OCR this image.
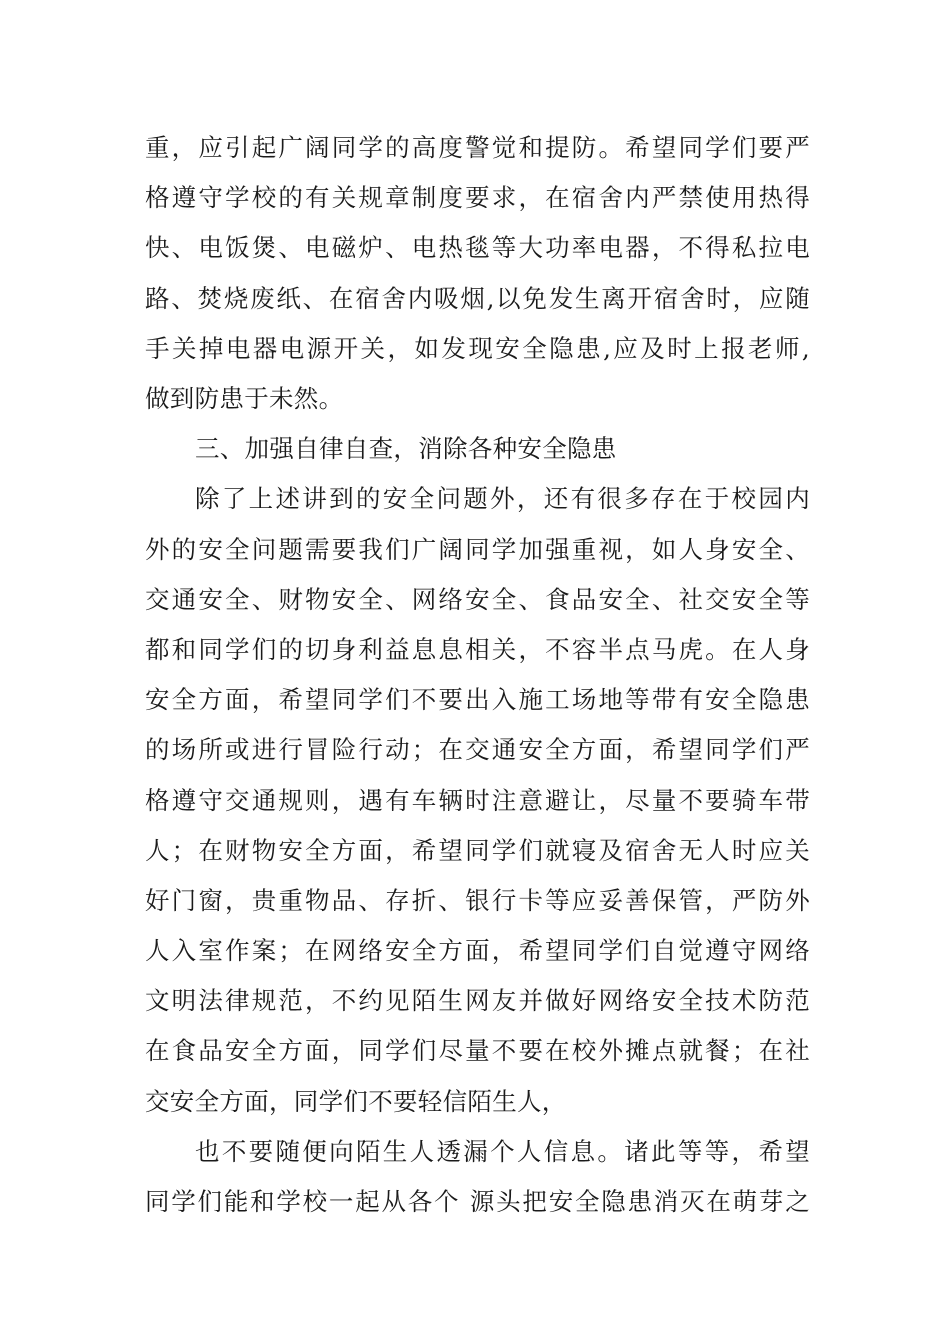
重，应引起广阔同学的高度警觉和提防。希望同学们要严
格遵守学校的有关规章制度要求，在宿舍内严禁使用热得
快、电饭煲、电磁炉、电热毯等大功率电器，不得私拉电
路、焚烧废纸、在宿舍内吸烟,以免发生离开宿舍时，应随
手关掉电器电源开关，如发现安全隐患,应及时上报老师,
做到防患于未然。
三、加强自律自查，消除各种安全隐患
除了上述讲到的安全问题外，还有很多存在于校园内
外的安全问题需要我们广阔同学加强重视，如人身安全、
交通安全、财物安全、网络安全、食品安全、社交安全等
都和同学们的切身利益息息相关，不容半点马虎。在人身
安全方面，希望同学们不要出入施工场地等带有安全隐患
的场所或进行冒险行动；在交通安全方面，希望同学们严
格遵守交通规则，遇有车辆时注意避让，尽量不要骑车带
人；在财物安全方面，希望同学们就寝及宿舍无人时应关
好门窗，贵重物品、存折、银行卡等应妥善保管，严防外
人入室作案；在网络安全方面，希望同学们自觉遵守网络
文明法律规范，不约见陌生网友并做好网络安全技术防范
在食品安全方面，同学们尽量不要在校外摊点就餐；在社
交安全方面，同学们不要轻信陌生人，
也不要随便向陌生人透漏个人信息。诸此等等，希望
同学们能和学校一起从各个 源头把安全隐患消灭在萌芽之
